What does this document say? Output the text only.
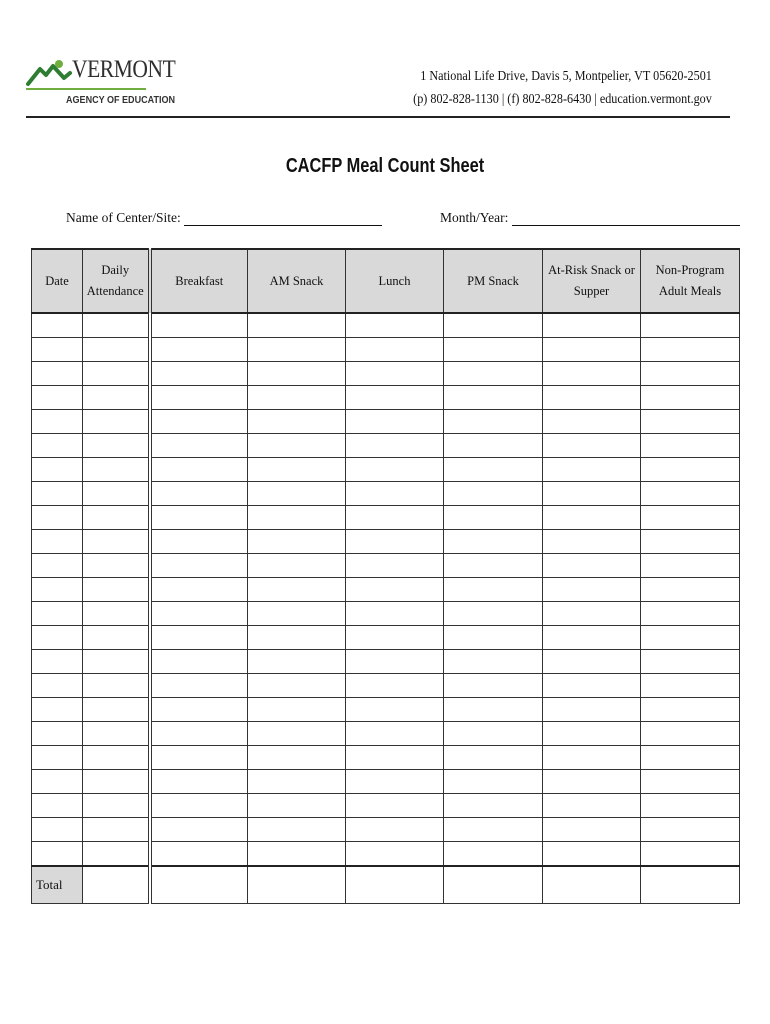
VERMONT
AGENCY OF EDUCATION
1 National Life Drive, Davis 5, Montpelier, VT 05620-2501
(p) 802-828-1130 | (f) 802-828-6430 | education.vermont.gov
CACFP Meal Count Sheet
Name of Center/Site:	Month/Year:
Date	Daily Attendance	Breakfast	AM Snack	Lunch	PM Snack	At-Risk Snack or Supper	Non-Program Adult Meals

Total							
